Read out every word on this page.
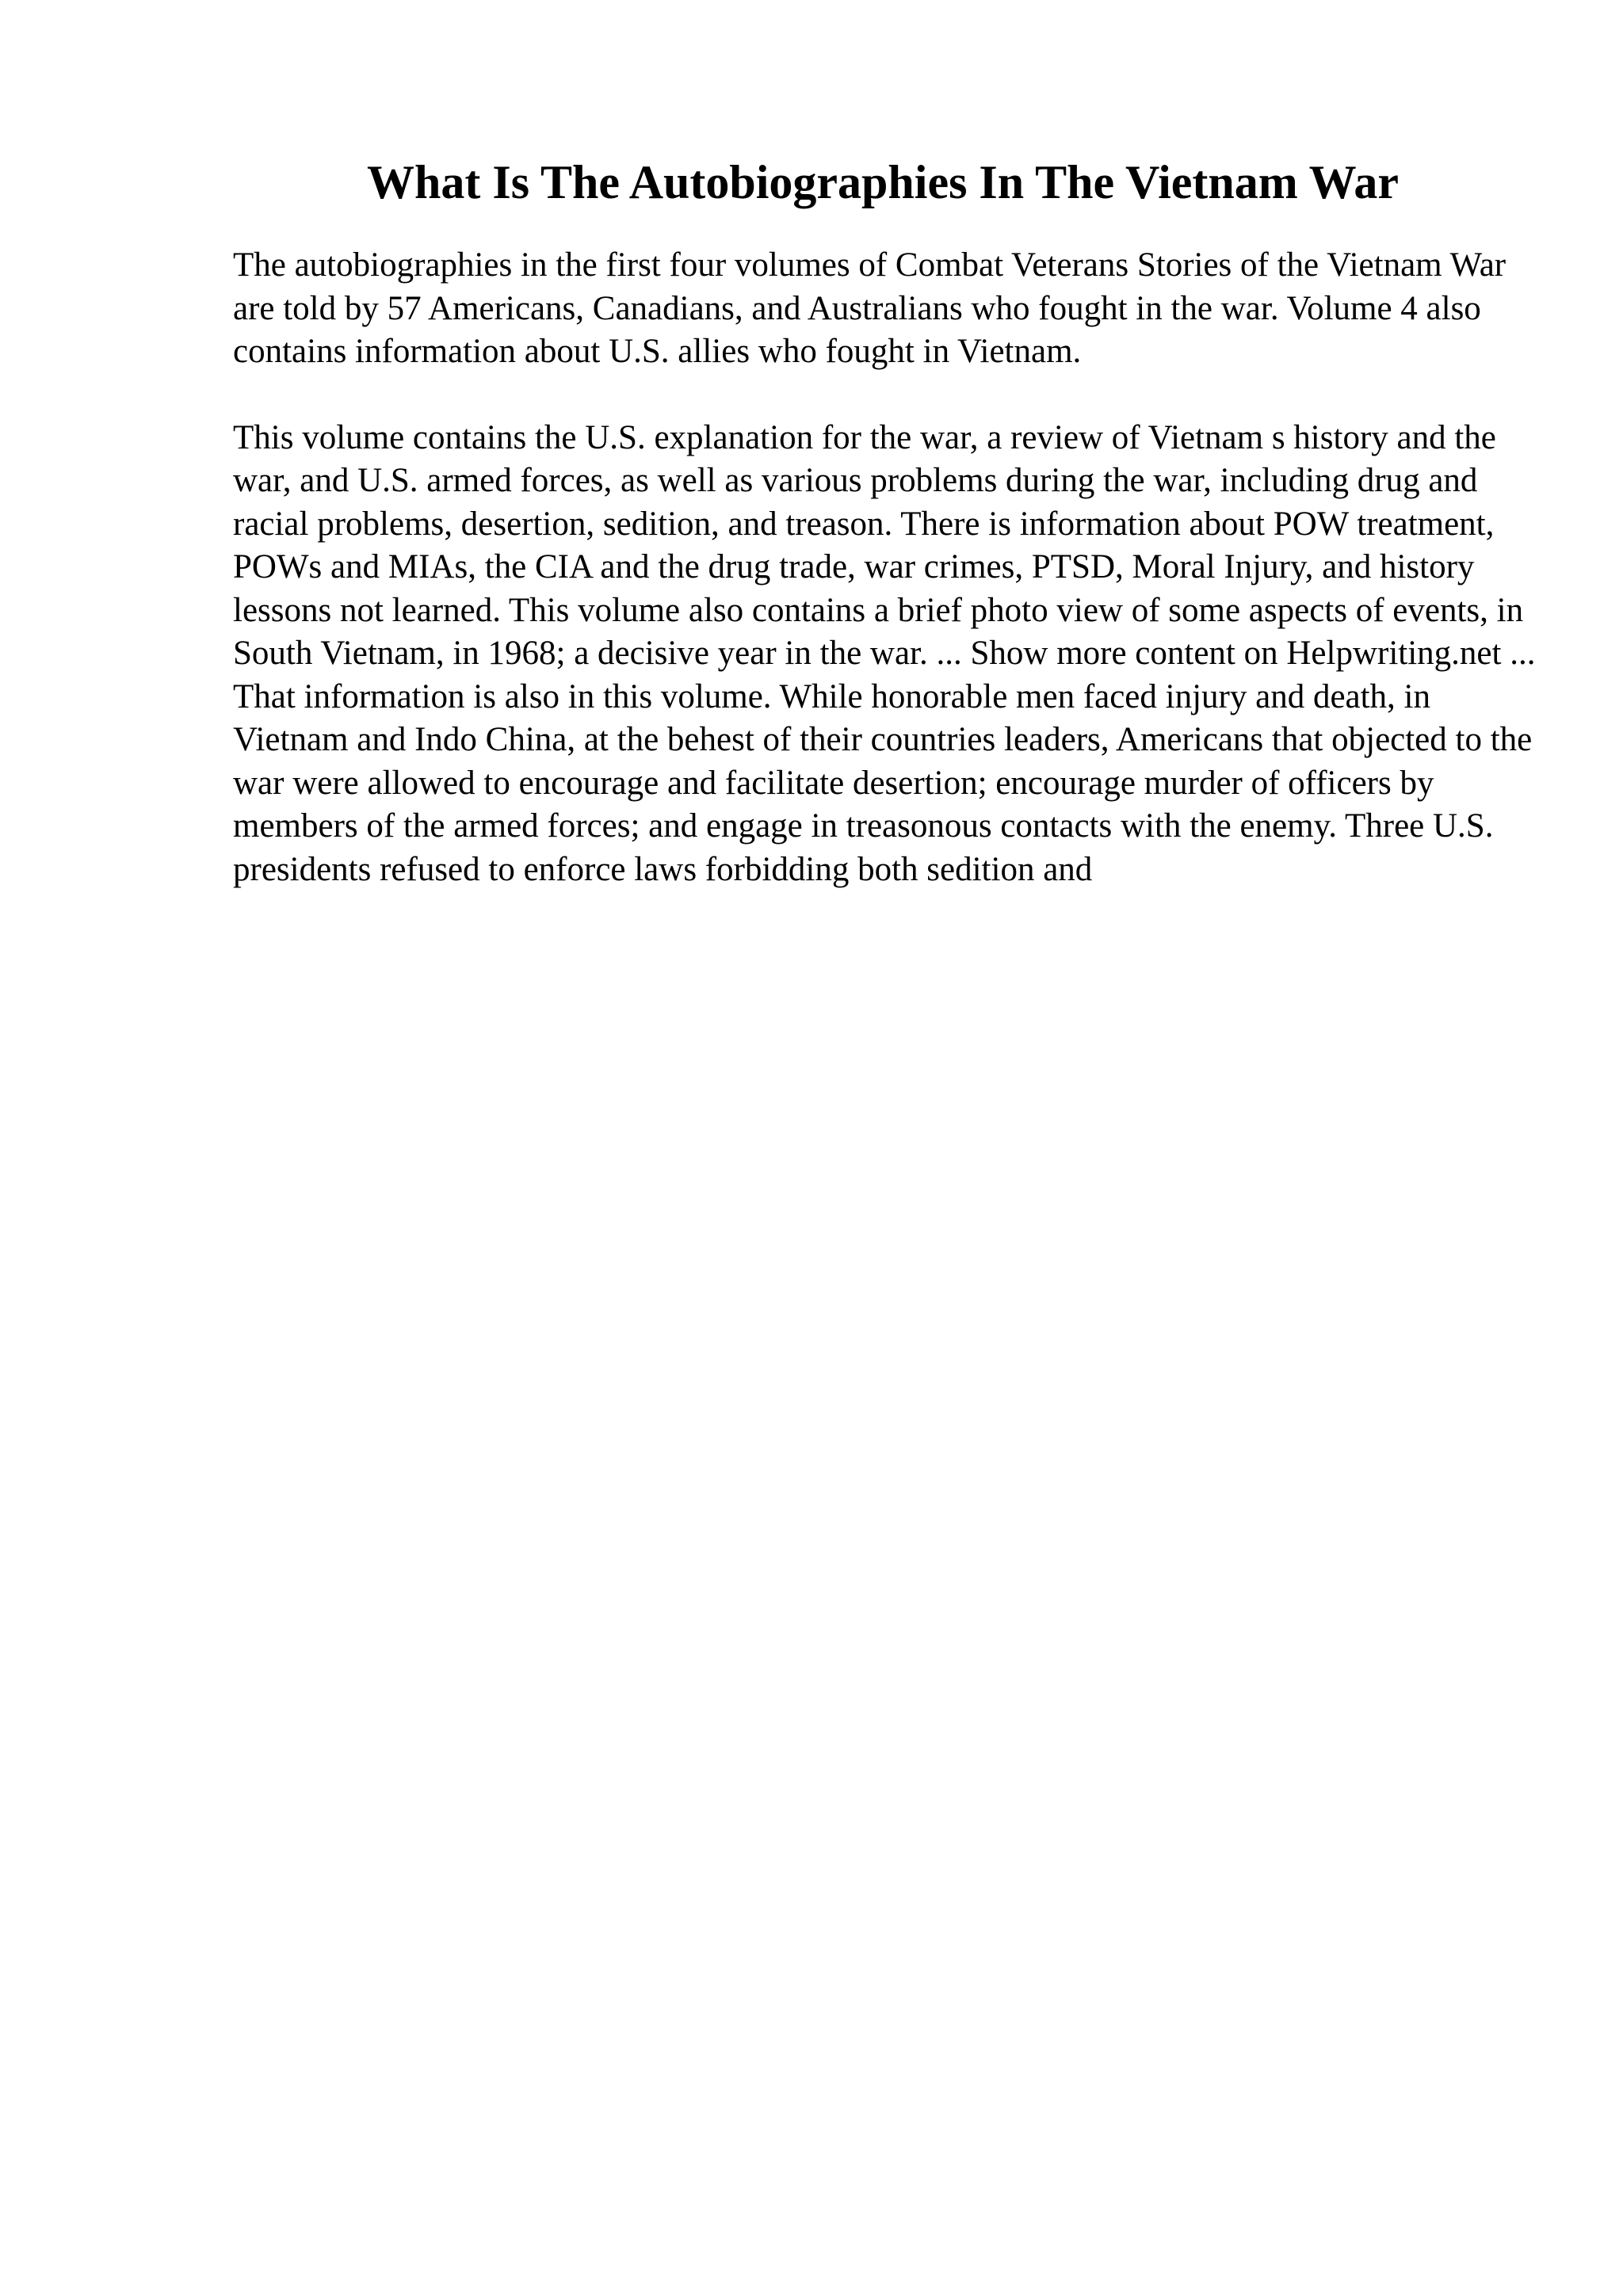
What Is The Autobiographies In The Vietnam War

The autobiographies in the first four volumes of Combat Veterans Stories of the Vietnam War are told by 57 Americans, Canadians, and Australians who fought in the war. Volume 4 also contains information about U.S. allies who fought in Vietnam.

This volume contains the U.S. explanation for the war, a review of Vietnam s history and the war, and U.S. armed forces, as well as various problems during the war, including drug and racial problems, desertion, sedition, and treason. There is information about POW treatment, POWs and MIAs, the CIA and the drug trade, war crimes, PTSD, Moral Injury, and history lessons not learned. This volume also contains a brief photo view of some aspects of events, in South Vietnam, in 1968; a decisive year in the war. ... Show more content on Helpwriting.net ...

That information is also in this volume. While honorable men faced injury and death, in Vietnam and Indo China, at the behest of their countries leaders, Americans that objected to the war were allowed to encourage and facilitate desertion; encourage murder of officers by members of the armed forces; and engage in treasonous contacts with the enemy. Three U.S. presidents refused to enforce laws forbidding both sedition and
